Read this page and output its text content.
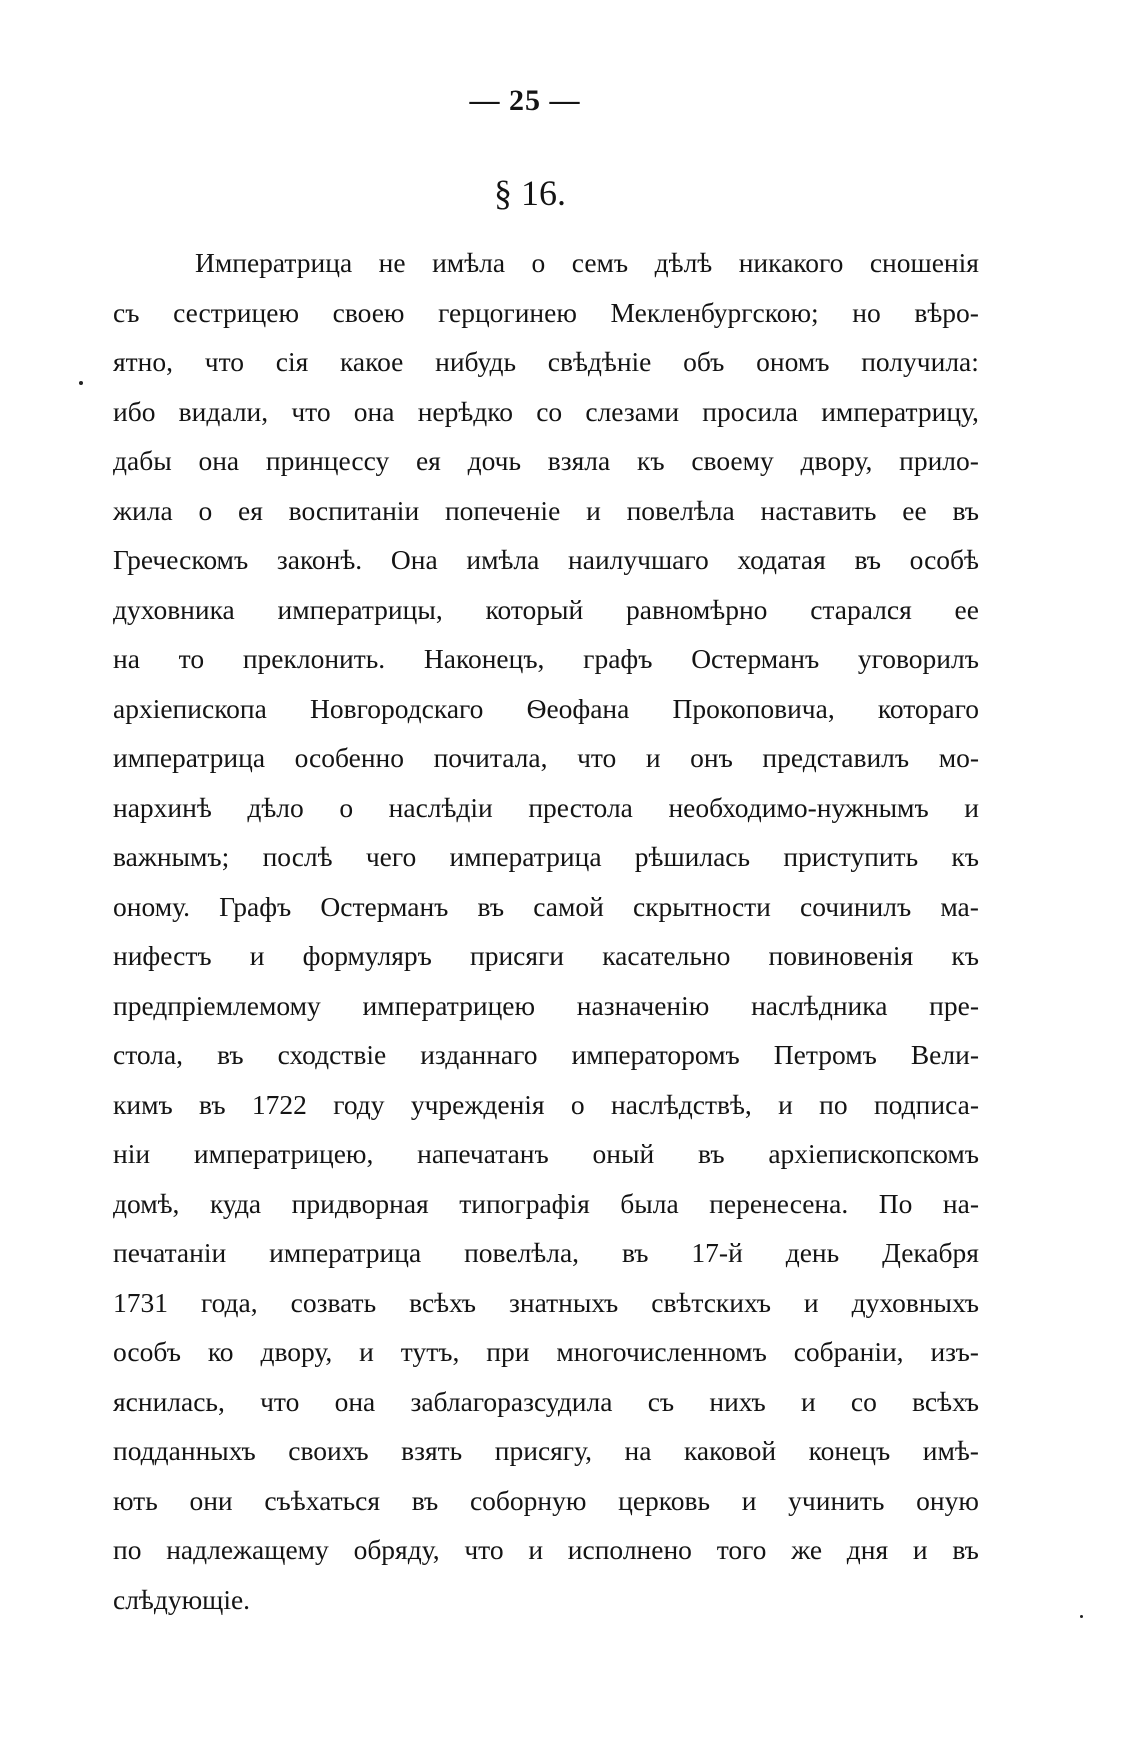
— 25 —
§ 16.
Императрица не имѣла о семъ дѣлѣ никакого сношенія
съ сестрицею своею герцогинею Мекленбургскою; но вѣро-
ятно, что сія какое нибудь свѣдѣніе объ ономъ получила:
ибо видали, что она нерѣдко со слезами просила императрицу,
дабы она принцессу ея дочь взяла къ своему двору, прило-
жила о ея воспитаніи попеченіе и повелѣла наставить ее въ
Греческомъ законѣ. Она имѣла наилучшаго ходатая въ особѣ
духовника императрицы, который равномѣрно старался ее
на то преклонить. Наконецъ, графъ Остерманъ уговорилъ
архіепископа Новгородскаго Ѳеофана Прокоповича, котораго
императрица особенно почитала, что и онъ представилъ мо-
нархинѣ дѣло о наслѣдіи престола необходимо-нужнымъ и
важнымъ; послѣ чего императрица рѣшилась приступить къ
оному. Графъ Остерманъ въ самой скрытности сочинилъ ма-
нифестъ и формуляръ присяги касательно повиновенія къ
предпріемлемому императрицею назначенію наслѣдника пре-
стола, въ сходствіе изданнаго императоромъ Петромъ Вели-
кимъ въ 1722 году учрежденія о наслѣдствѣ, и по подписа-
ніи императрицею, напечатанъ оный въ архіепископскомъ
домѣ, куда придворная типографія была перенесена. По на-
печатаніи императрица повелѣла, въ 17-й день Декабря
1731 года, созвать всѣхъ знатныхъ свѣтскихъ и духовныхъ
особъ ко двору, и тутъ, при многочисленномъ собраніи, изъ-
яснилась, что она заблагоразсудила съ нихъ и со всѣхъ
подданныхъ своихъ взять присягу, на каковой конецъ имѣ-
ють они съѣхаться въ соборную церковь и учинить оную
по надлежащему обряду, что и исполнено того же дня и въ
слѣдующіе.
